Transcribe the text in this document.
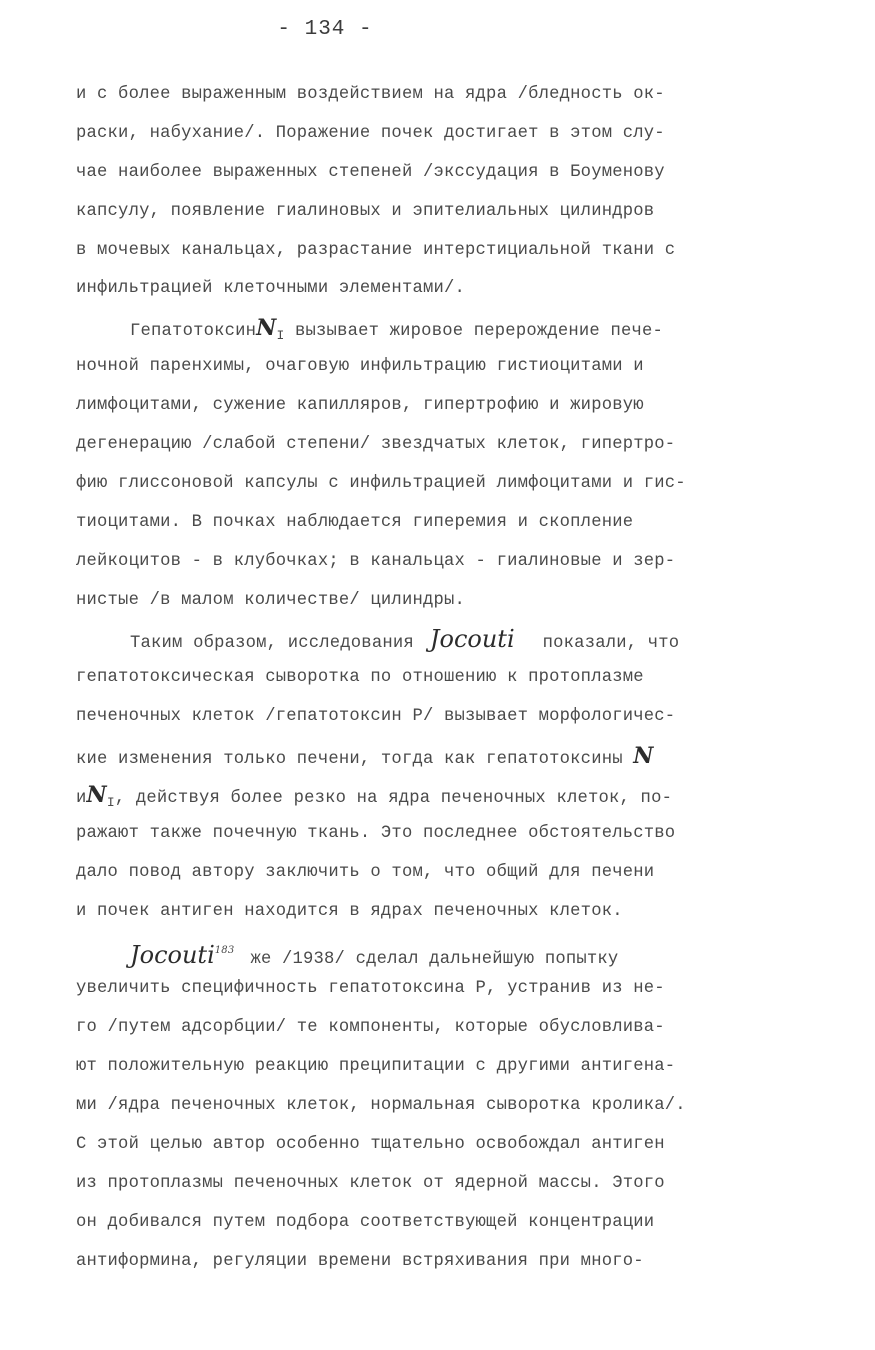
- 134 -
и с более выраженным воздействием на ядра /бледность ок-
раски, набухание/. Поражение почек достигает в этом слу-
чае наиболее выраженных степеней /экссудация в Боуменову
капсулу, появление гиалиновых и эпителиальных цилиндров
в мочевых канальцах, разрастание интерстициальной ткани с
инфильтрацией клеточными элементами/.
ГепатотоксинN$_I$ вызывает жировое перерождение пече-
ночной паренхимы, очаговую инфильтрацию гистиоцитами и
лимфоцитами, сужение капилляров, гипертрофию и жировую
дегенерацию /слабой степени/ звездчатых клеток, гипертро-
фию глиссоновой капсулы с инфильтрацией лимфоцитами и гис-
тиоцитами. В почках наблюдается гиперемия и скопление
лейкоцитов - в клубочках; в канальцах - гиалиновые и зер-
нистые /в малом количестве/ цилиндры.
Таким образом, исследования Jocouti показали, что
гепатотоксическая сыворотка по отношению к протоплазме
печеночных клеток /гепатотоксин Р/ вызывает морфологичес-
кие изменения только печени, тогда как гепатотоксины N
$иN_I$, действуя более резко на ядра печеночных клеток, по-
ражают также почечную ткань. Это последнее обстоятельство
дало повод автору заключить о том, что общий для печени
и почек антиген находится в ядрах печеночных клеток.
Jocouti$^{183}$ же /1938/ сделал дальнейшую попытку
увеличить специфичность гепатотоксина Р, устранив из не-
го /путем адсорбции/ те компоненты, которые обусловлива-
ют положительную реакцию преципитации с другими антигена-
ми /ядра печеночных клеток, нормальная сыворотка кролика/.
С этой целью автор особенно тщательно освобождал антиген
из протоплазмы печеночных клеток от ядерной массы. Этого
он добивался путем подбора соответствующей концентрации
антиформина, регуляции времени встряхивания при много-
